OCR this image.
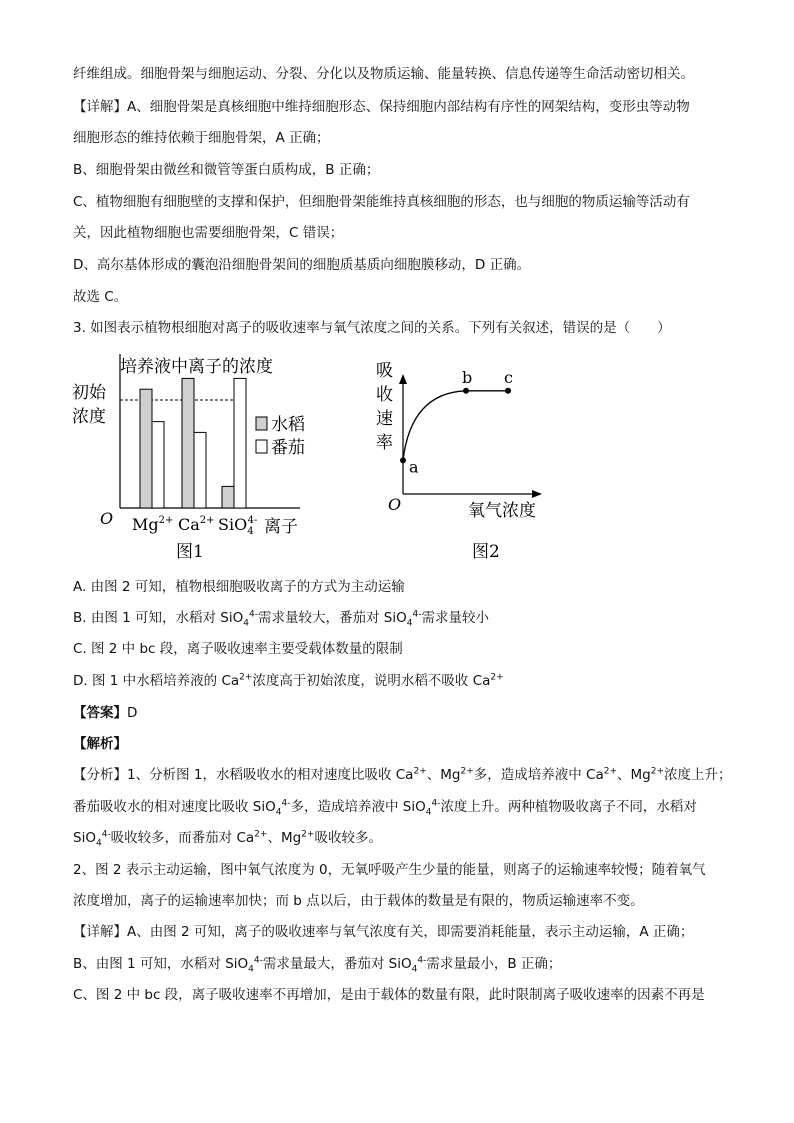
纤维组成。细胞骨架与细胞运动、分裂、分化以及物质运输、能量转换、信息传递等生命活动密切相关。
【详解】A、细胞骨架是真核细胞中维持细胞形态、保持细胞内部结构有序性的网架结构，变形虫等动物
细胞形态的维持依赖于细胞骨架，A 正确；
B、细胞骨架由微丝和微管等蛋白质构成，B 正确；
C、植物细胞有细胞壁的支撑和保护，但细胞骨架能维持真核细胞的形态，也与细胞的物质运输等活动有
关，因此植物细胞也需要细胞骨架，C 错误；
D、高尔基体形成的囊泡沿细胞骨架间的细胞质基质向细胞膜移动，D 正确。
故选 C。
3. 如图表示植物根细胞对离子的吸收速率与氧气浓度之间的关系。下列有关叙述，错误的是（　　）
培养液中离子的浓度
初始
浓度	水稻
番茄
O $Mg^{2+}$ $Ca^{2+}$ SiO$_4$4- 离子
图1
吸
收
速
率
a
b c
O	氧气浓度
图2
A. 由图 2 可知，植物根细胞吸收离子的方式为主动运输
B. 由图 1 可知，水稻对 SiO$_4^{4-}$需求量较大，番茄对 SiO$_4^{4-}$需求量较小
C. 图 2 中 bc 段，离子吸收速率主要受载体数量的限制
D. 图 1 中水稻培养液的 $Ca^{2+}$浓度高于初始浓度，说明水稻不吸收 $Ca^{2+}$
【答案】D
【解析】
【分析】1、分析图 1，水稻吸收水的相对速度比吸收 $Ca^{2+}$、$Mg^{2+}$多，造成培养液中 $Ca^{2+}$、$Mg^{2+}$浓度上升；
番茄吸收水的相对速度比吸收 SiO$_4^{4-}$多，造成培养液中 SiO$_4^{4-}$浓度上升。两种植物吸收离子不同，水稻对
SiO$_4^{4-}$吸收较多，而番茄对 $Ca^{2+}$、$Mg^{2+}$吸收较多。
2、图 2 表示主动运输，图中氧气浓度为 0，无氧呼吸产生少量的能量，则离子的运输速率较慢；随着氧气
浓度增加，离子的运输速率加快；而 b 点以后，由于载体的数量是有限的，物质运输速率不变。
【详解】A、由图 2 可知，离子的吸收速率与氧气浓度有关，即需要消耗能量，表示主动运输，A 正确；
B、由图 1 可知，水稻对 SiO$_4^{4-}$需求量最大，番茄对 SiO$_4^{4-}$需求量最小，B 正确；
C、图 2 中 bc 段，离子吸收速率不再增加，是由于载体的数量有限，此时限制离子吸收速率的因素不再是
